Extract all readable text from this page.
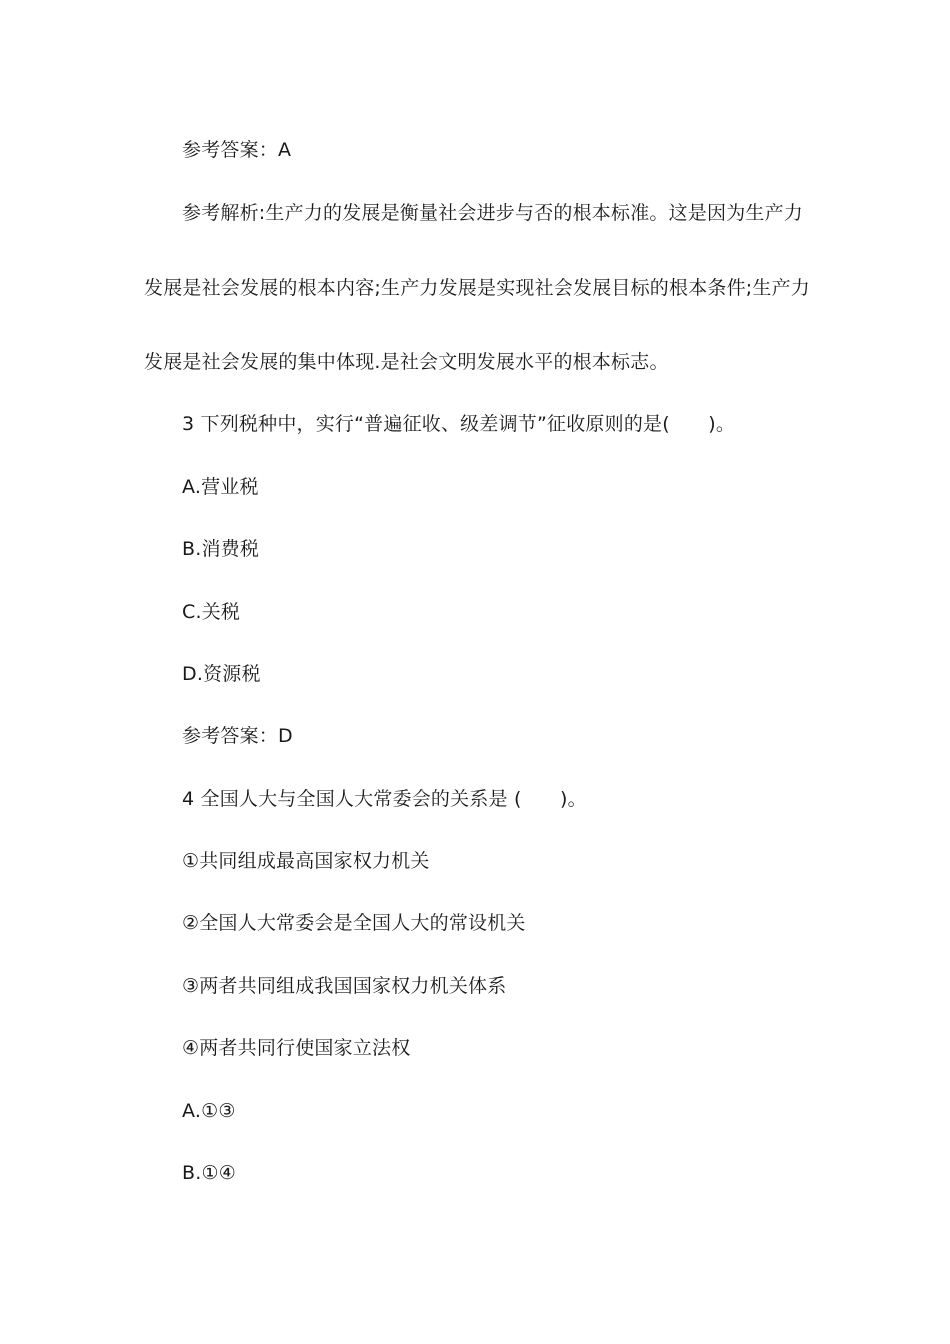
参考答案：A
参考解析:生产力的发展是衡量社会进步与否的根本标准。这是因为生产力
发展是社会发展的根本内容;生产力发展是实现社会发展目标的根本条件;生产力
发展是社会发展的集中体现.是社会文明发展水平的根本标志。
3 下列税种中，实行“普遍征收、级差调节”征收原则的是(　　)。
A.营业税
B.消费税
C.关税
D.资源税
参考答案：D
4 全国人大与全国人大常委会的关系是 (　　)。
①共同组成最高国家权力机关
②全国人大常委会是全国人大的常设机关
③两者共同组成我国国家权力机关体系
④两者共同行使国家立法权
A.①③
B.①④
